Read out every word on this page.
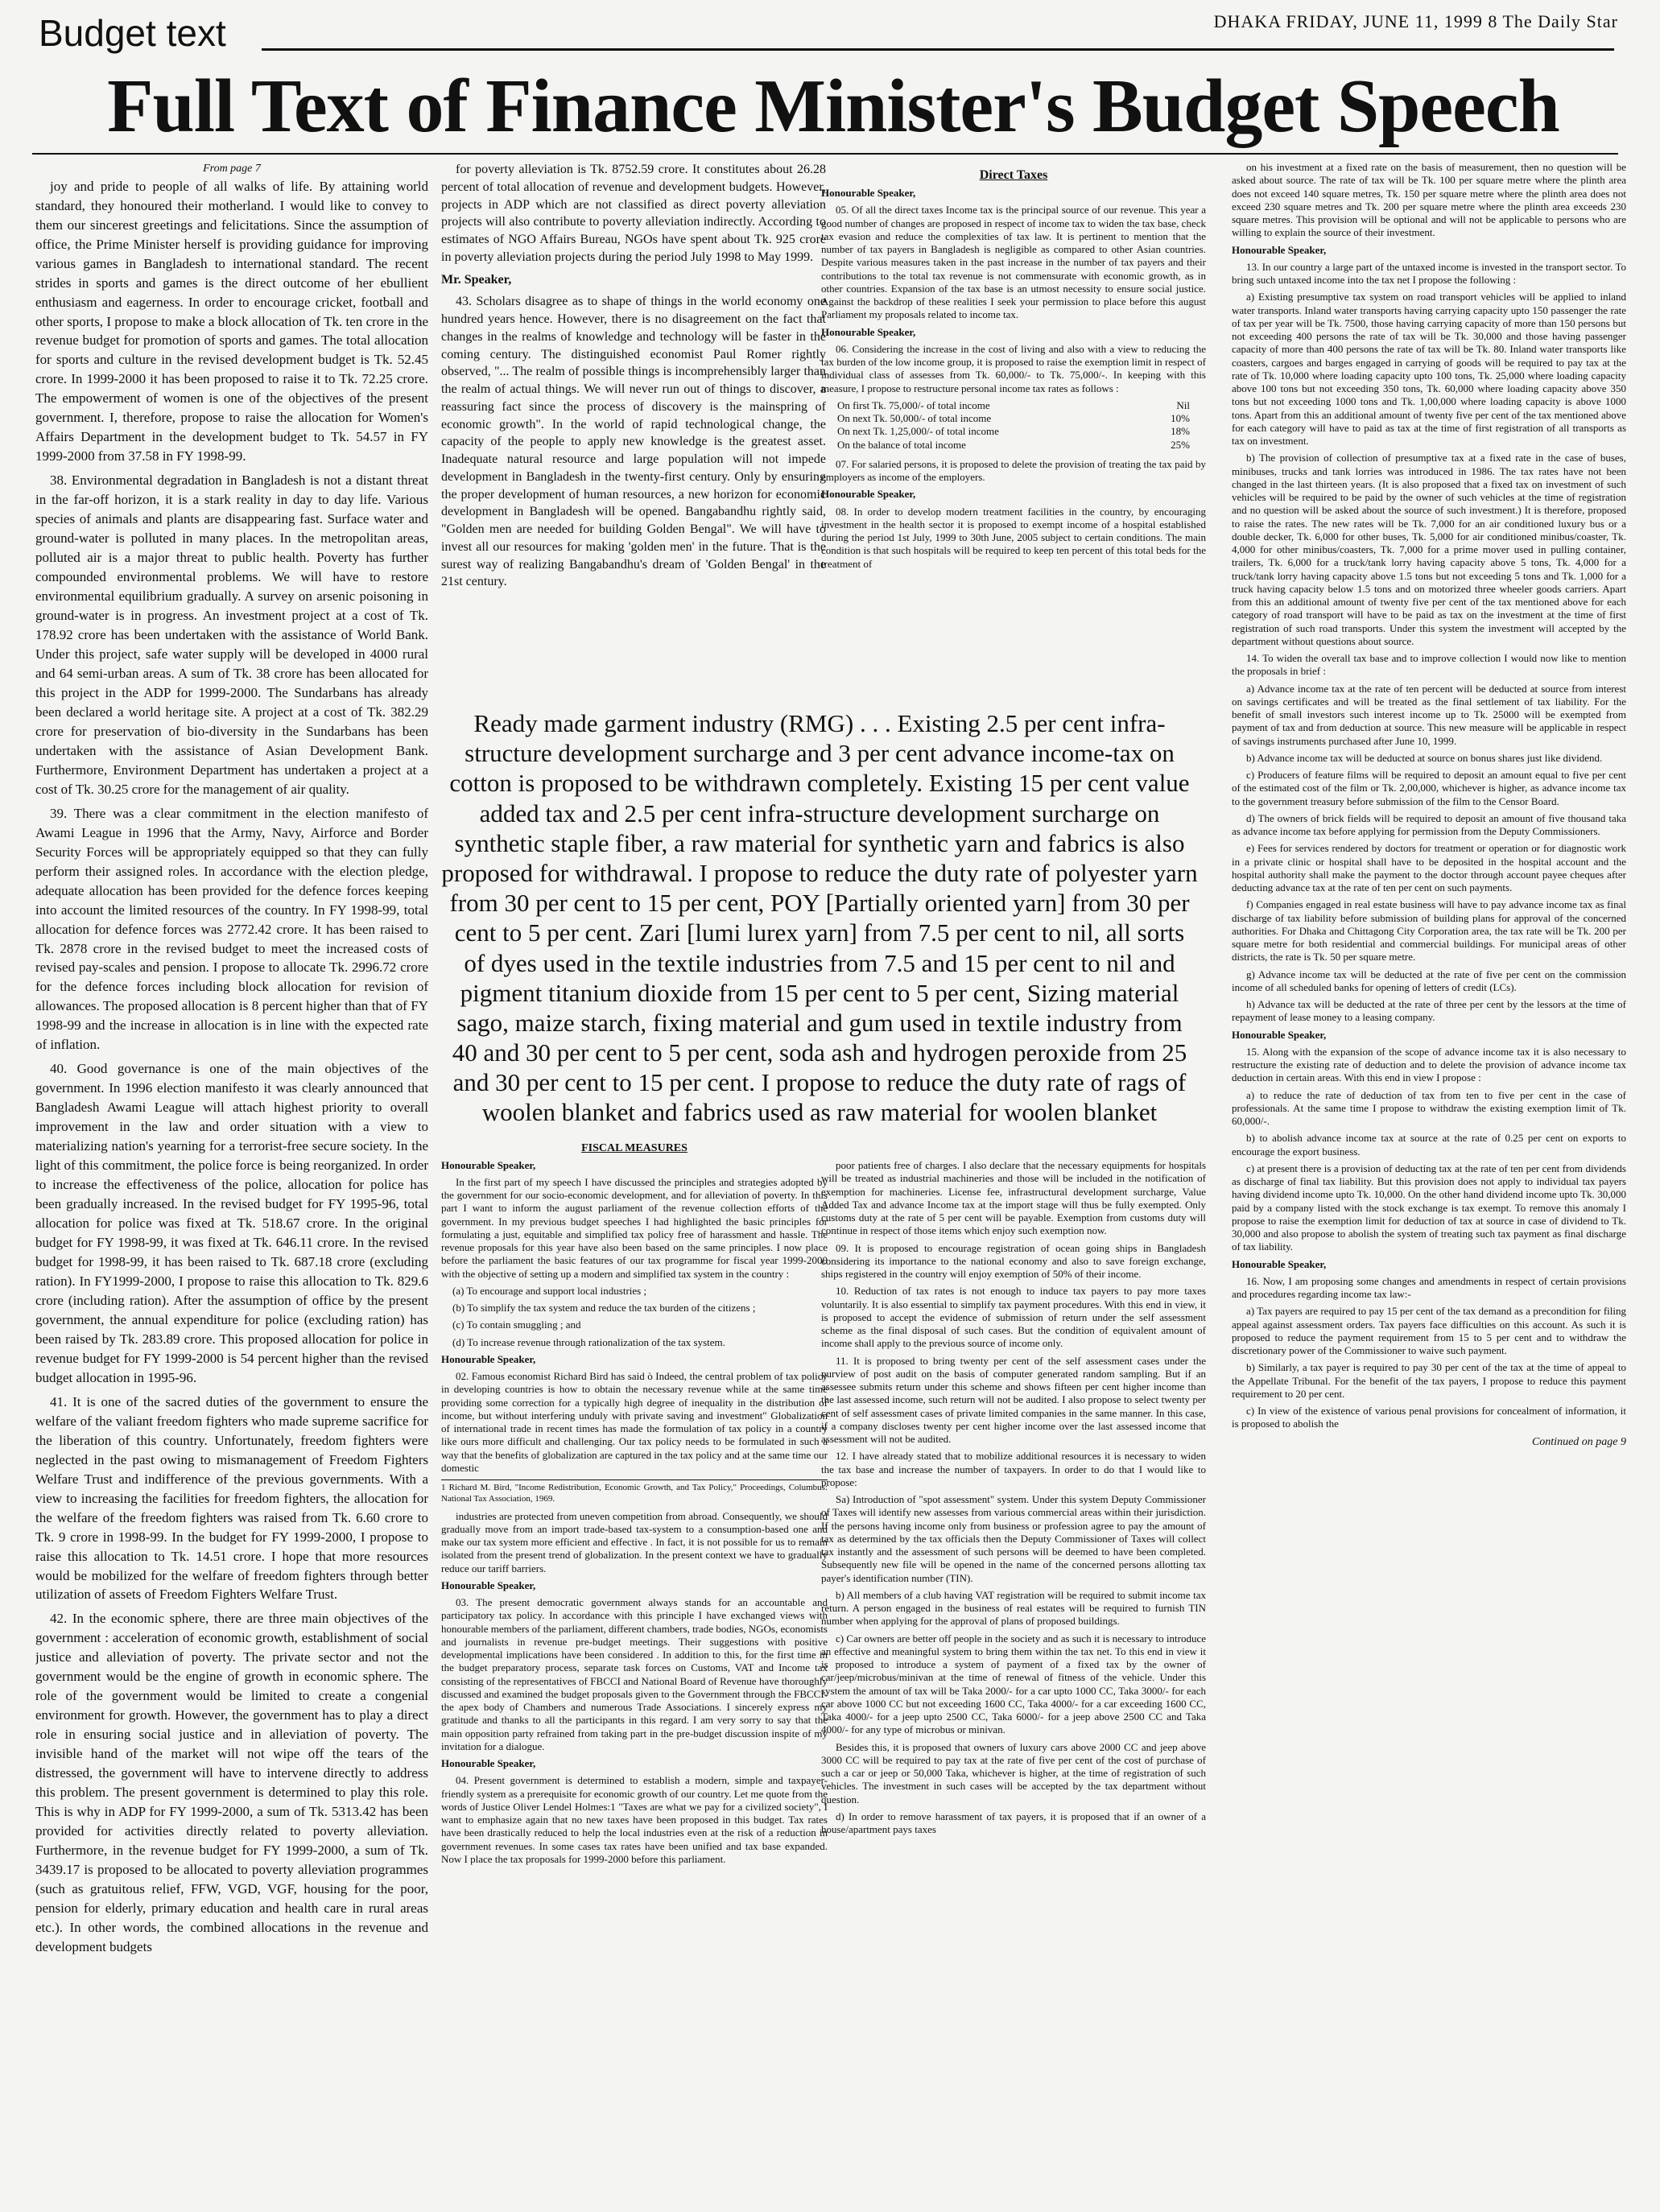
Budget text	DHAKA FRIDAY, JUNE 11, 1999 8 The Daily Star
Full Text of Finance Minister's Budget Speech
From page 7

joy and pride to people of all walks of life. By attaining world standard, they honoured their motherland. I would like to convey to them our sincerest greetings and felicitations. Since the assumption of office, the Prime Minister herself is providing guidance for improving various games in Bangladesh to international standard. The recent strides in sports and games is the direct outcome of her ebullient enthusiasm and eagerness. In order to encourage cricket, football and other sports, I propose to make a block allocation of Tk. ten crore in the revenue budget for promotion of sports and games. The total allocation for sports and culture in the revised development budget is Tk. 52.45 crore. In 1999-2000 it has been proposed to raise it to Tk. 72.25 crore. The empowerment of women is one of the objectives of the present government. I, therefore, propose to raise the allocation for Women's Affairs Department in the development budget to Tk. 54.57 in FY 1999-2000 from 37.58 in FY 1998-99.

38. Environmental degradation in Bangladesh is not a distant threat in the far-off horizon, it is a stark reality in day to day life. Various species of animals and plants are disappearing fast. Surface water and ground-water is polluted in many places. In the metropolitan areas, polluted air is a major threat to public health. Poverty has further compounded environmental problems. We will have to restore environmental equilibrium gradually. A survey on arsenic poisoning in ground-water is in progress. An investment project at a cost of Tk. 178.92 crore has been undertaken with the assistance of World Bank. Under this project, safe water supply will be developed in 4000 rural and 64 semi-urban areas. A sum of Tk. 38 crore has been allocated for this project in the ADP for 1999-2000. The Sundarbans has already been declared a world heritage site. A project at a cost of Tk. 382.29 crore for preservation of bio-diversity in the Sundarbans has been undertaken with the assistance of Asian Development Bank. Furthermore, Environment Department has undertaken a project at a cost of Tk. 30.25 crore for the management of air quality.

39. There was a clear commitment in the election manifesto of Awami League in 1996 that the Army, Navy, Airforce and Border Security Forces will be appropriately equipped so that they can fully perform their assigned roles. In accordance with the election pledge, adequate allocation has been provided for the defence forces keeping into account the limited resources of the country. In FY 1998-99, total allocation for defence forces was 2772.42 crore. It has been raised to Tk. 2878 crore in the revised budget to meet the increased costs of revised pay-scales and pension. I propose to allocate Tk. 2996.72 crore for the defence forces including block allocation for revision of allowances. The proposed allocation is 8 percent higher than that of FY 1998-99 and the increase in allocation is in line with the expected rate of inflation.

40. Good governance is one of the main objectives of the government. In 1996 election manifesto it was clearly announced that Bangladesh Awami League will attach highest priority to overall improvement in the law and order situation with a view to materializing nation's yearning for a terrorist-free secure society. In the light of this commitment, the police force is being reorganized. In order to increase the effectiveness of the police, allocation for police has been gradually increased. In the revised budget for FY 1995-96, total allocation for police was fixed at Tk. 518.67 crore. In the original budget for FY 1998-99, it was fixed at Tk. 646.11 crore. In the revised budget for 1998-99, it has been raised to Tk. 687.18 crore (excluding ration). In FY1999-2000, I propose to raise this allocation to Tk. 829.6 crore (including ration). After the assumption of office by the present government, the annual expenditure for police (excluding ration) has been raised by Tk. 283.89 crore. This proposed allocation for police in revenue budget for FY 1999-2000 is 54 percent higher than the revised budget allocation in 1995-96.

41. It is one of the sacred duties of the government to ensure the welfare of the valiant freedom fighters who made supreme sacrifice for the liberation of this country. Unfortunately, freedom fighters were neglected in the past owing to mismanagement of Freedom Fighters Welfare Trust and indifference of the previous governments. With a view to increasing the facilities for freedom fighters, the allocation for the welfare of the freedom fighters was raised from Tk. 6.60 crore to Tk. 9 crore in 1998-99. In the budget for FY 1999-2000, I propose to raise this allocation to Tk. 14.51 crore. I hope that more resources would be mobilized for the welfare of freedom fighters through better utilization of assets of Freedom Fighters Welfare Trust.

42. In the economic sphere, there are three main objectives of the government : acceleration of economic growth, establishment of social justice and alleviation of poverty. The private sector and not the government would be the engine of growth in economic sphere. The role of the government would be limited to create a congenial environment for growth. However, the government has to play a direct role in ensuring social justice and in alleviation of poverty. The invisible hand of the market will not wipe off the tears of the distressed, the government will have to intervene directly to address this problem. The present government is determined to play this role. This is why in ADP for FY 1999-2000, a sum of Tk. 5313.42 has been provided for activities directly related to poverty alleviation. Furthermore, in the revenue budget for FY 1999-2000, a sum of Tk. 3439.17 is proposed to be allocated to poverty alleviation programmes (such as gratuitous relief, FFW, VGD, VGF, housing for the poor, pension for elderly, primary education and health care in rural areas etc.). In other words, the combined allocations in the revenue and development budgets

for poverty alleviation is Tk. 8752.59 crore. It constitutes about 26.28 percent of total allocation of revenue and development budgets. However, projects in ADP which are not classified as direct poverty alleviation projects will also contribute to poverty alleviation indirectly. According to estimates of NGO Affairs Bureau, NGOs have spent about Tk. 925 crore in poverty alleviation projects during the period July 1998 to May 1999.

Mr. Speaker,

43. Scholars disagree as to shape of things in the world economy one hundred years hence. However, there is no disagreement on the fact that changes in the realms of knowledge and technology will be faster in the coming century. The distinguished economist Paul Romer rightly observed, "... The realm of possible things is incomprehensibly larger than the realm of actual things. We will never run out of things to discover, a reassuring fact since the process of discovery is the mainspring of economic growth". In the world of rapid technological change, the capacity of the people to apply new knowledge is the greatest asset. Inadequate natural resource and large population will not impede development in Bangladesh in the twenty-first century. Only by ensuring the proper development of human resources, a new horizon for economic development in Bangladesh will be opened. Bangabandhu rightly said, "Golden men are needed for building Golden Bengal". We will have to invest all our resources for making 'golden men' in the future. That is the surest way of realizing Bangabandhu's dream of 'Golden Bengal' in the 21st century.

Direct Taxes

Honourable Speaker,

05. Of all the direct taxes Income tax is the principal source of our revenue. This year a good number of changes are proposed in respect of income tax to widen the tax base, check tax evasion and reduce the complexities of tax law. It is pertinent to mention that the number of tax payers in Bangladesh is negligible as compared to other Asian countries. Despite various measures taken in the past increase in the number of tax payers and their contributions to the total tax revenue is not commensurate with economic growth, as in other countries. Expansion of the tax base is an utmost necessity to ensure social justice. Against the backdrop of these realities I seek your permission to place before this august Parliament my proposals related to income tax.

Honourable Speaker,

06. Considering the increase in the cost of living and also with a view to reducing the tax burden of the low income group, it is proposed to raise the exemption limit in respect of individual class of assesses from Tk. 60,000/- to Tk. 75,000/-. In keeping with this measure, I propose to restructure personal income tax rates as follows :

On first Tk. 75,000/- of total income	Nil
On next Tk. 50,000/- of total income	10%
On next Tk. 1,25,000/- of total income	18%
On the balance of total income	25%

07. For salaried persons, it is proposed to delete the provision of treating the tax paid by employers as income of the employers.

Honourable Speaker,

08. In order to develop modern treatment facilities in the country, by encouraging investment in the health sector it is proposed to exempt income of a hospital established during the period 1st July, 1999 to 30th June, 2005 subject to certain conditions. The main condition is that such hospitals will be required to keep ten percent of this total beds for the treatment of

Ready made garment industry (RMG) . . . Existing 2.5 per cent infra-structure development surcharge and 3 per cent advance income-tax on cotton is proposed to be withdrawn completely. Existing 15 per cent value added tax and 2.5 per cent infra-structure development surcharge on synthetic staple fiber, a raw material for synthetic yarn and fabrics is also proposed for withdrawal. I propose to reduce the duty rate of polyester yarn from 30 per cent to 15 per cent, POY [Partially oriented yarn] from 30 per cent to 5 per cent. Zari [lumi lurex yarn] from 7.5 per cent to nil, all sorts of dyes used in the textile industries from 7.5 and 15 per cent to nil and pigment titanium dioxide from 15 per cent to 5 per cent, Sizing material sago, maize starch, fixing material and gum used in textile industry from 40 and 30 per cent to 5 per cent, soda ash and hydrogen peroxide from 25 and 30 per cent to 15 per cent. I propose to reduce the duty rate of rags of woolen blanket and fabrics used as raw material for woolen blanket
FISCAL MEASURES

Honourable Speaker,

In the first part of my speech I have discussed the principles and strategies adopted by the government for our socio-economic development, and for alleviation of poverty. In this part I want to inform the august parliament of the revenue collection efforts of the government. In my previous budget speeches I had highlighted the basic principles for formulating a just, equitable and simplified tax policy free of harassment and hassle. The revenue proposals for this year have also been based on the same principles. I now place before the parliament the basic features of our tax programme for fiscal year 1999-2000 with the objective of setting up a modern and simplified tax system in the country :

(a) To encourage and support local industries ;

(b) To simplify the tax system and reduce the tax burden of the citizens ;

(c) To contain smuggling ; and

(d) To increase revenue through rationalization of the tax system.

Honourable Speaker,

02. Famous economist Richard Bird has said ò Indeed, the central problem of tax policy in developing countries is how to obtain the necessary revenue while at the same time providing some correction for a typically high degree of inequality in the distribution of income, but without interfering unduly with private saving and investment" Globalization of international trade in recent times has made the formulation of tax policy in a country like ours more difficult and challenging. Our tax policy needs to be formulated in such a way that the benefits of globalization are captured in the tax policy and at the same time our domestic

1 Richard M. Bird, "Income Redistribution, Economic Growth, and Tax Policy," Proceedings, Columbus: National Tax Association, 1969.

industries are protected from uneven competition from abroad. Consequently, we should gradually move from an import trade-based tax-system to a consumption-based one and make our tax system more efficient and effective . In fact, it is not possible for us to remain isolated from the present trend of globalization. In the present context we have to gradually reduce our tariff barriers.

Honourable Speaker,

03. The present democratic government always stands for an accountable and participatory tax policy. In accordance with this principle I have exchanged views with honourable members of the parliament, different chambers, trade bodies, NGOs, economists and journalists in revenue pre-budget meetings. Their suggestions with positive developmental implications have been considered . In addition to this, for the first time in the budget preparatory process, separate task forces on Customs, VAT and Income tax consisting of the representatives of FBCCI and National Board of Revenue have thoroughly discussed and examined the budget proposals given to the Government through the FBCCI- the apex body of Chambers and numerous Trade Associations. I sincerely express my gratitude and thanks to all the participants in this regard. I am very sorry to say that the main opposition party refrained from taking part in the pre-budget discussion inspite of my invitation for a dialogue.

Honourable Speaker,

04. Present government is determined to establish a modern, simple and taxpayer-friendly system as a prerequisite for economic growth of our country. Let me quote from the words of Justice Oliver Lendel Holmes:1 "Taxes are what we pay for a civilized society", I want to emphasize again that no new taxes have been proposed in this budget. Tax rates have been drastically reduced to help the local industries even at the risk of a reduction in government revenues. In some cases tax rates have been unified and tax base expanded. Now I place the tax proposals for 1999-2000 before this parliament.

poor patients free of charges. I also declare that the necessary equipments for hospitals will be treated as industrial machineries and those will be included in the notification of exemption for machineries. License fee, infrastructural development surcharge, Value Added Tax and advance Income tax at the import stage will thus be fully exempted. Only customs duty at the rate of 5 per cent will be payable. Exemption from customs duty will continue in respect of those items which enjoy such exemption now.

09. It is proposed to encourage registration of ocean going ships in Bangladesh considering its importance to the national economy and also to save foreign exchange, ships registered in the country will enjoy exemption of 50% of their income.

10. Reduction of tax rates is not enough to induce tax payers to pay more taxes voluntarily. It is also essential to simplify tax payment procedures. With this end in view, it is proposed to accept the evidence of submission of return under the self assessment scheme as the final disposal of such cases. But the condition of equivalent amount of income shall apply to the previous source of income only.

11. It is proposed to bring twenty per cent of the self assessment cases under the purview of post audit on the basis of computer generated random sampling. But if an assessee submits return under this scheme and shows fifteen per cent higher income than the last assessed income, such return will not be audited. I also propose to select twenty per cent of self assessment cases of private limited companies in the same manner. In this case, if a company discloses twenty per cent higher income over the last assessed income that assessment will not be audited.

12. I have already stated that to mobilize additional resources it is necessary to widen the tax base and increase the number of taxpayers. In order to do that I would like to propose:

Sa) Introduction of "spot assessment" system. Under this system Deputy Commissioner of Taxes will identify new assesses from various commercial areas within their jurisdiction. If the persons having income only from business or profession agree to pay the amount of tax as determined by the tax officials then the Deputy Commissioner of Taxes will collect tax instantly and the assessment of such persons will be deemed to have been completed. Subsequently new file will be opened in the name of the concerned persons allotting tax payer's identification number (TIN).

b) All members of a club having VAT registration will be required to submit income tax return. A person engaged in the business of real estates will be required to furnish TIN number when applying for the approval of plans of proposed buildings.

c) Car owners are better off people in the society and as such it is necessary to introduce an effective and meaningful system to bring them within the tax net. To this end in view it is proposed to introduce a system of payment of a fixed tax by the owner of car/jeep/microbus/minivan at the time of renewal of fitness of the vehicle. Under this system the amount of tax will be Taka 2000/- for a car upto 1000 CC, Taka 3000/- for each car above 1000 CC but not exceeding 1600 CC, Taka 4000/- for a car exceeding 1600 CC, Taka 4000/- for a jeep upto 2500 CC, Taka 6000/- for a jeep above 2500 CC and Taka 4000/- for any type of microbus or minivan.

Besides this, it is proposed that owners of luxury cars above 2000 CC and jeep above 3000 CC will be required to pay tax at the rate of five per cent of the cost of purchase of such a car or jeep or 50,000 Taka, whichever is higher, at the time of registration of such vehicles. The investment in such cases will be accepted by the tax department without question.

d) In order to remove harassment of tax payers, it is proposed that if an owner of a house/apartment pays taxes

on his investment at a fixed rate on the basis of measurement, then no question will be asked about source. The rate of tax will be Tk. 100 per square metre where the plinth area does not exceed 140 square metres, Tk. 150 per square metre where the plinth area does not exceed 230 square metres and Tk. 200 per square metre where the plinth area exceeds 230 square metres. This provision will be optional and will not be applicable to persons who are willing to explain the source of their investment.

Honourable Speaker,

13. In our country a large part of the untaxed income is invested in the transport sector. To bring such untaxed income into the tax net I propose the following :

a) Existing presumptive tax system on road transport vehicles will be applied to inland water transports. Inland water transports having carrying capacity upto 150 passenger the rate of tax per year will be Tk. 7500, those having carrying capacity of more than 150 persons but not exceeding 400 persons the rate of tax will be Tk. 30,000 and those having passenger capacity of more than 400 persons the rate of tax will be Tk. 80. Inland water transports like coasters, cargoes and barges engaged in carrying of goods will be required to pay tax at the rate of Tk. 10,000 where loading capacity upto 100 tons, Tk. 25,000 where loading capacity above 100 tons but not exceeding 350 tons, Tk. 60,000 where loading capacity above 350 tons but not exceeding 1000 tons and Tk. 1,00,000 where loading capacity is above 1000 tons. Apart from this an additional amount of twenty five per cent of the tax mentioned above for each category will have to paid as tax at the time of first registration of all transports as tax on investment.

b) The provision of collection of presumptive tax at a fixed rate in the case of buses, minibuses, trucks and tank lorries was introduced in 1986. The tax rates have not been changed in the last thirteen years. (It is also proposed that a fixed tax on investment of such vehicles will be required to be paid by the owner of such vehicles at the time of registration and no question will be asked about the source of such investment.) It is therefore, proposed to raise the rates. The new rates will be Tk. 7,000 for an air conditioned luxury bus or a double decker, Tk. 6,000 for other buses, Tk. 5,000 for air conditioned minibus/coaster, Tk. 4,000 for other minibus/coasters, Tk. 7,000 for a prime mover used in pulling container, trailers, Tk. 6,000 for a truck/tank lorry having capacity above 5 tons, Tk. 4,000 for a truck/tank lorry having capacity above 1.5 tons but not exceeding 5 tons and Tk. 1,000 for a truck having capacity below 1.5 tons and on motorized three wheeler goods carriers. Apart from this an additional amount of twenty five per cent of the tax mentioned above for each category of road transport will have to be paid as tax on the investment at the time of first registration of such road transports. Under this system the investment will accepted by the department without questions about source.

14. To widen the overall tax base and to improve collection I would now like to mention the proposals in brief :

a) Advance income tax at the rate of ten percent will be deducted at source from interest on savings certificates and will be treated as the final settlement of tax liability. For the benefit of small investors such interest income up to Tk. 25000 will be exempted from payment of tax and from deduction at source. This new measure will be applicable in respect of savings instruments purchased after June 10, 1999.

b) Advance income tax will be deducted at source on bonus shares just like dividend.

c) Producers of feature films will be required to deposit an amount equal to five per cent of the estimated cost of the film or Tk. 2,00,000, whichever is higher, as advance income tax to the government treasury before submission of the film to the Censor Board.

d) The owners of brick fields will be required to deposit an amount of five thousand taka as advance income tax before applying for permission from the Deputy Commissioners.

e) Fees for services rendered by doctors for treatment or operation or for diagnostic work in a private clinic or hospital shall have to be deposited in the hospital account and the hospital authority shall make the payment to the doctor through account payee cheques after deducting advance tax at the rate of ten per cent on such payments.

f) Companies engaged in real estate business will have to pay advance income tax as final discharge of tax liability before submission of building plans for approval of the concerned authorities. For Dhaka and Chittagong City Corporation area, the tax rate will be Tk. 200 per square metre for both residential and commercial buildings. For municipal areas of other districts, the rate is Tk. 50 per square metre.

g) Advance income tax will be deducted at the rate of five per cent on the commission income of all scheduled banks for opening of letters of credit (LCs).

h) Advance tax will be deducted at the rate of three per cent by the lessors at the time of repayment of lease money to a leasing company.

Honourable Speaker,

15. Along with the expansion of the scope of advance income tax it is also necessary to restructure the existing rate of deduction and to delete the provision of advance income tax deduction in certain areas. With this end in view I propose :

a) to reduce the rate of deduction of tax from ten to five per cent in the case of professionals. At the same time I propose to withdraw the existing exemption limit of Tk. 60,000/-.

b) to abolish advance income tax at source at the rate of 0.25 per cent on exports to encourage the export business.

c) at present there is a provision of deducting tax at the rate of ten per cent from dividends as discharge of final tax liability. But this provision does not apply to individual tax payers having dividend income upto Tk. 10,000. On the other hand dividend income upto Tk. 30,000 paid by a company listed with the stock exchange is tax exempt. To remove this anomaly I propose to raise the exemption limit for deduction of tax at source in case of dividend to Tk. 30,000 and also propose to abolish the system of treating such tax payment as final discharge of tax liability.

Honourable Speaker,

16. Now, I am proposing some changes and amendments in respect of certain provisions and procedures regarding income tax law:-

a) Tax payers are required to pay 15 per cent of the tax demand as a precondition for filing appeal against assessment orders. Tax payers face difficulties on this account. As such it is proposed to reduce the payment requirement from 15 to 5 per cent and to withdraw the discretionary power of the Commissioner to waive such payment.

b) Similarly, a tax payer is required to pay 30 per cent of the tax at the time of appeal to the Appellate Tribunal. For the benefit of the tax payers, I propose to reduce this payment requirement to 20 per cent.

c) In view of the existence of various penal provisions for concealment of information, it is proposed to abolish the

Continued on page 9
